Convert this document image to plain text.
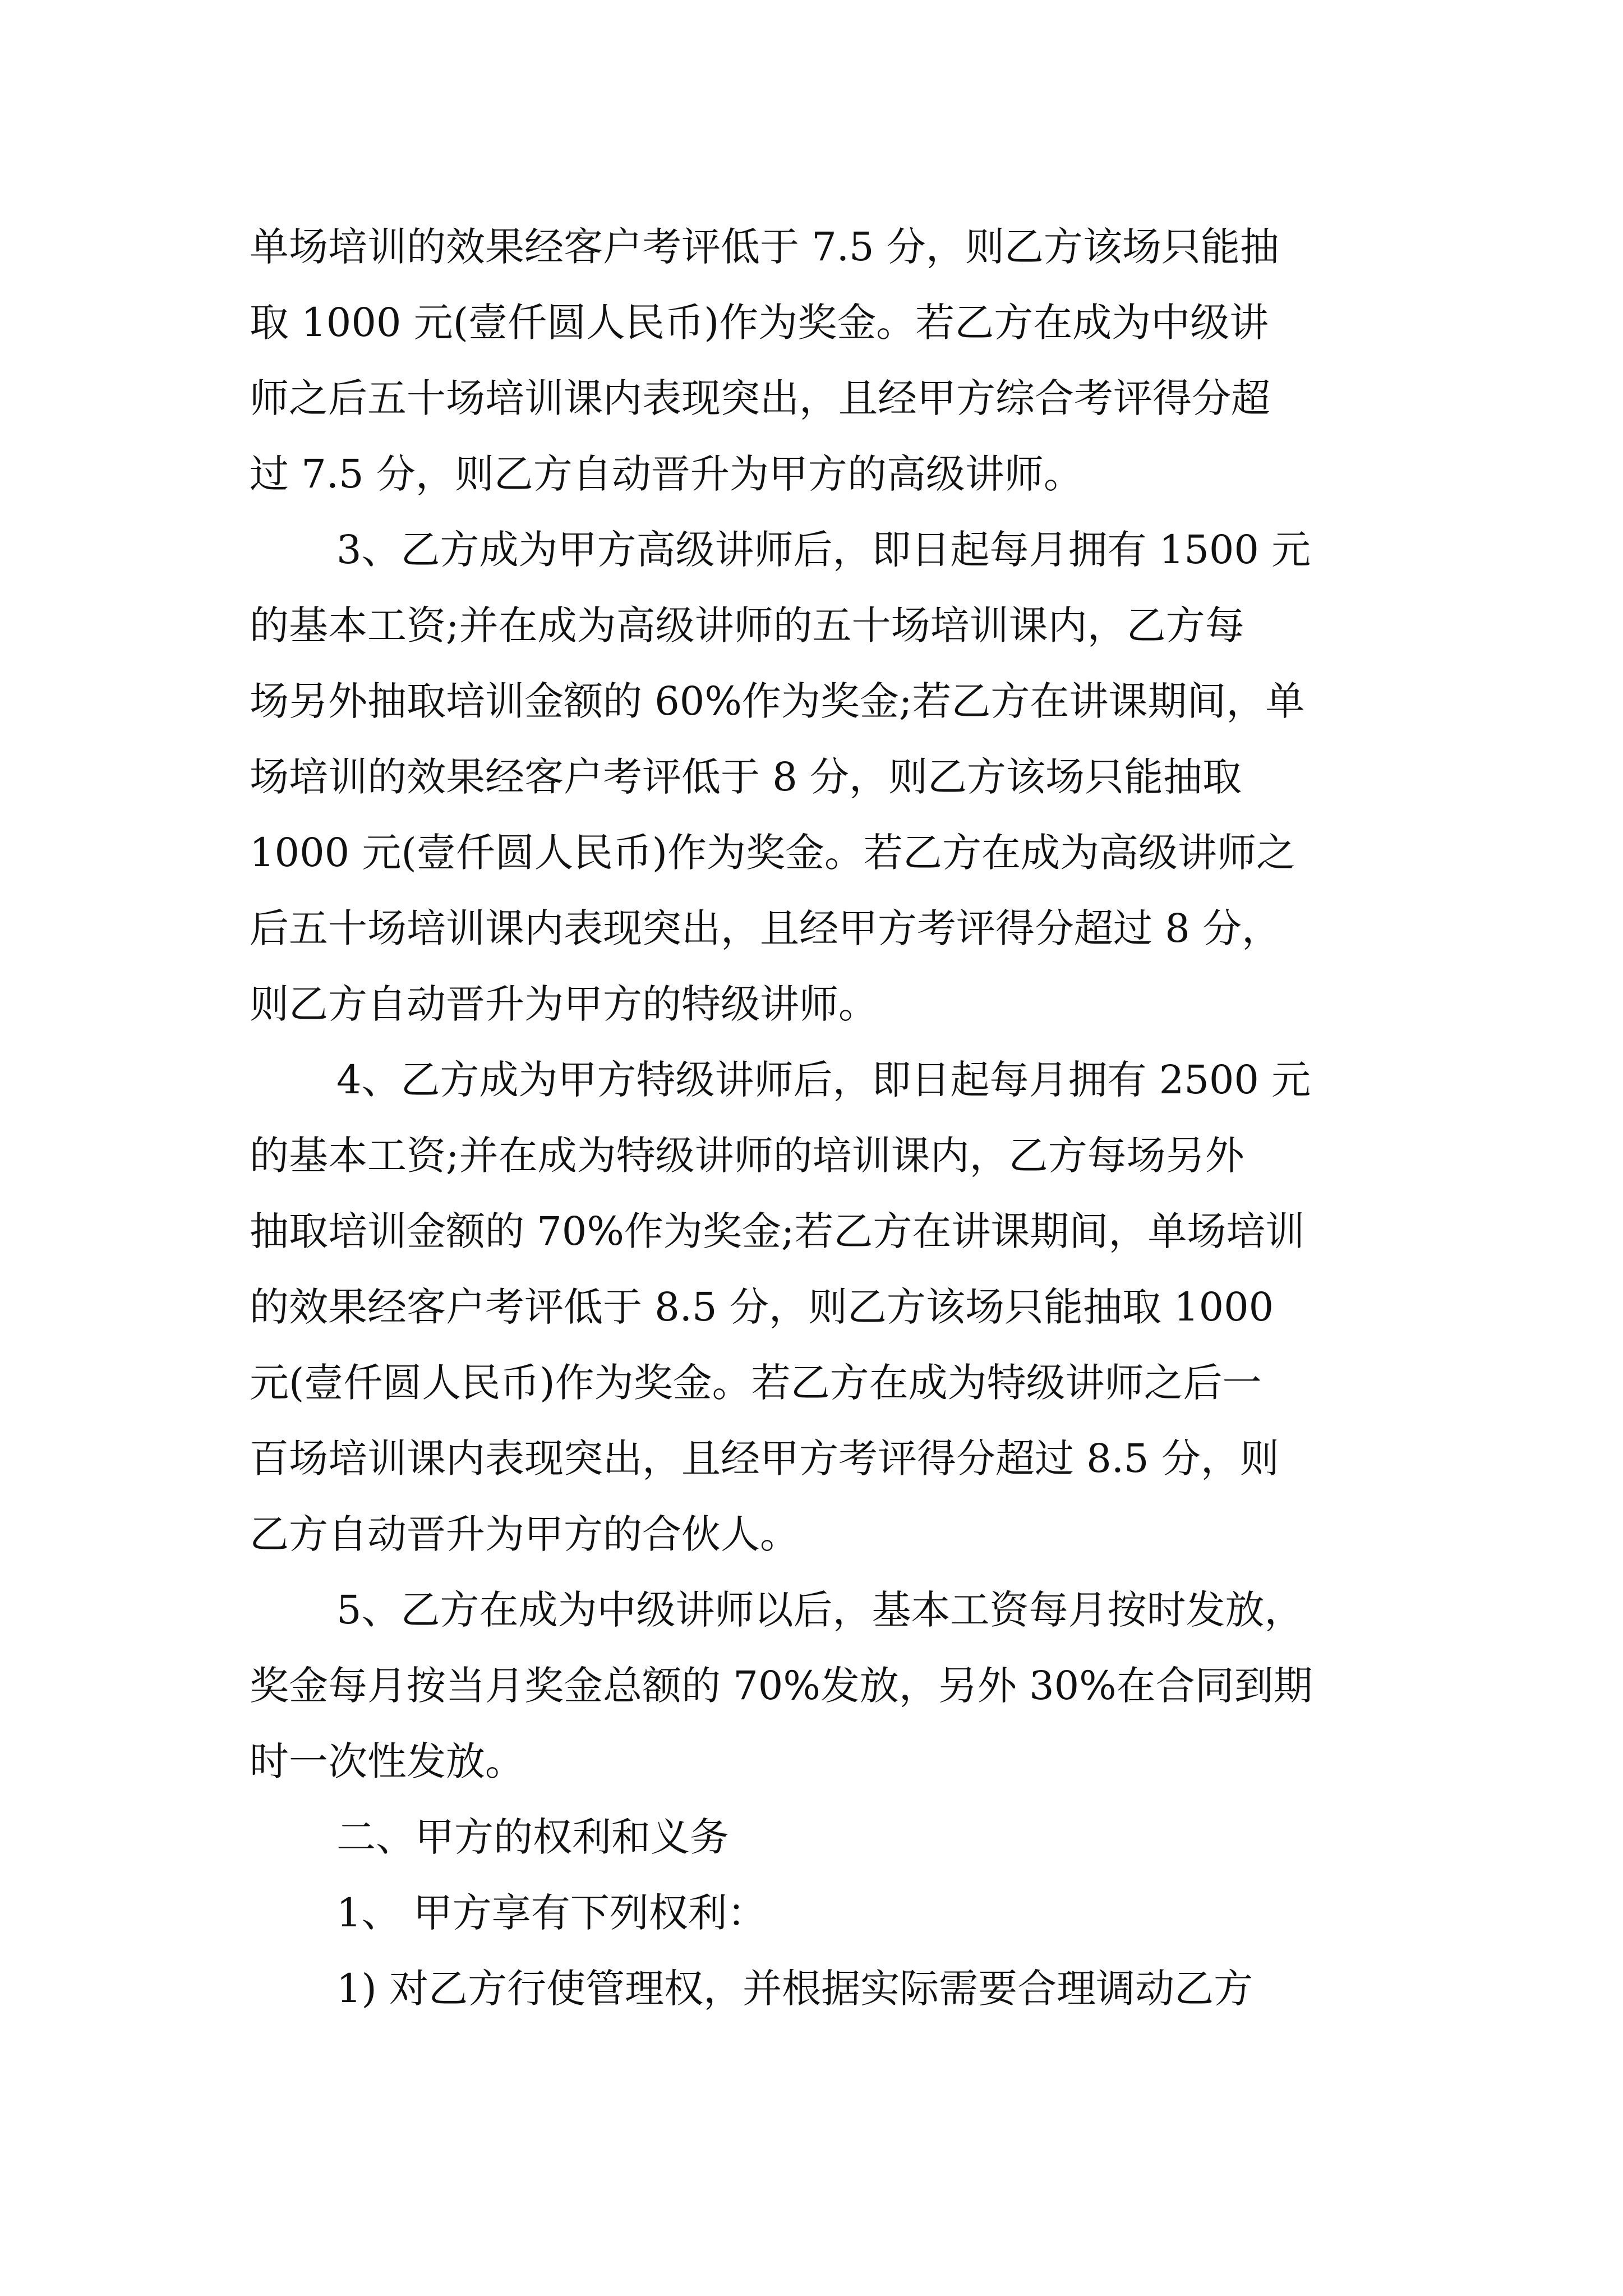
单场培训的效果经客户考评低于 7.5 分，则乙方该场只能抽

取 1000 元(壹仟圆人民币)作为奖金。若乙方在成为中级讲

师之后五十场培训课内表现突出，且经甲方综合考评得分超

过 7.5 分，则乙方自动晋升为甲方的高级讲师。

3、乙方成为甲方高级讲师后，即日起每月拥有 1500 元

的基本工资;并在成为高级讲师的五十场培训课内，乙方每

场另外抽取培训金额的 60%作为奖金;若乙方在讲课期间，单

场培训的效果经客户考评低于 8 分，则乙方该场只能抽取

1000 元(壹仟圆人民币)作为奖金。若乙方在成为高级讲师之

后五十场培训课内表现突出，且经甲方考评得分超过 8 分，

则乙方自动晋升为甲方的特级讲师。

4、乙方成为甲方特级讲师后，即日起每月拥有 2500 元

的基本工资;并在成为特级讲师的培训课内，乙方每场另外

抽取培训金额的 70%作为奖金;若乙方在讲课期间，单场培训

的效果经客户考评低于 8.5 分，则乙方该场只能抽取 1000

元(壹仟圆人民币)作为奖金。若乙方在成为特级讲师之后一

百场培训课内表现突出，且经甲方考评得分超过 8.5 分，则

乙方自动晋升为甲方的合伙人。

5、乙方在成为中级讲师以后，基本工资每月按时发放，

奖金每月按当月奖金总额的 70%发放，另外 30%在合同到期

时一次性发放。

二、甲方的权利和义务

1、 甲方享有下列权利：

1) 对乙方行使管理权，并根据实际需要合理调动乙方
